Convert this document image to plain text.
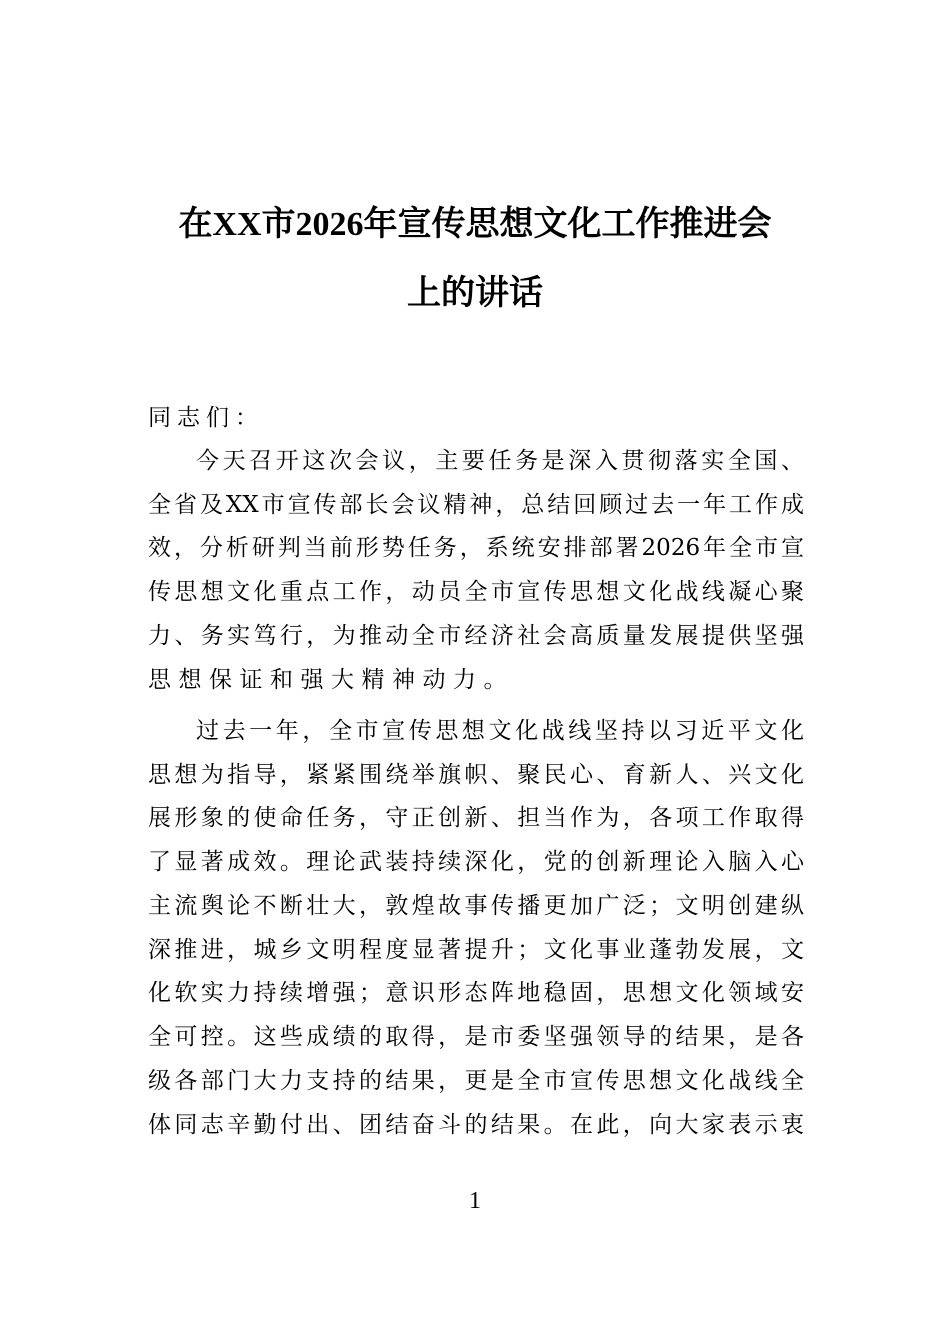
在XX市2026年宣传思想文化工作推进会
上的讲话
同志们：
今天召开这次会议，主要任务是深入贯彻落实全国、
全省及XX市宣传部长会议精神，总结回顾过去一年工作成
效，分析研判当前形势任务，系统安排部署2026年全市宣
传思想文化重点工作，动员全市宣传思想文化战线凝心聚
力、务实笃行，为推动全市经济社会高质量发展提供坚强
思想保证和强大精神动力。
过去一年，全市宣传思想文化战线坚持以习近平文化
思想为指导，紧紧围绕举旗帜、聚民心、育新人、兴文化
展形象的使命任务，守正创新、担当作为，各项工作取得
了显著成效。理论武装持续深化，党的创新理论入脑入心
主流舆论不断壮大，敦煌故事传播更加广泛；文明创建纵
深推进，城乡文明程度显著提升；文化事业蓬勃发展，文
化软实力持续增强；意识形态阵地稳固，思想文化领域安
全可控。这些成绩的取得，是市委坚强领导的结果，是各
级各部门大力支持的结果，更是全市宣传思想文化战线全
体同志辛勤付出、团结奋斗的结果。在此，向大家表示衷
1
